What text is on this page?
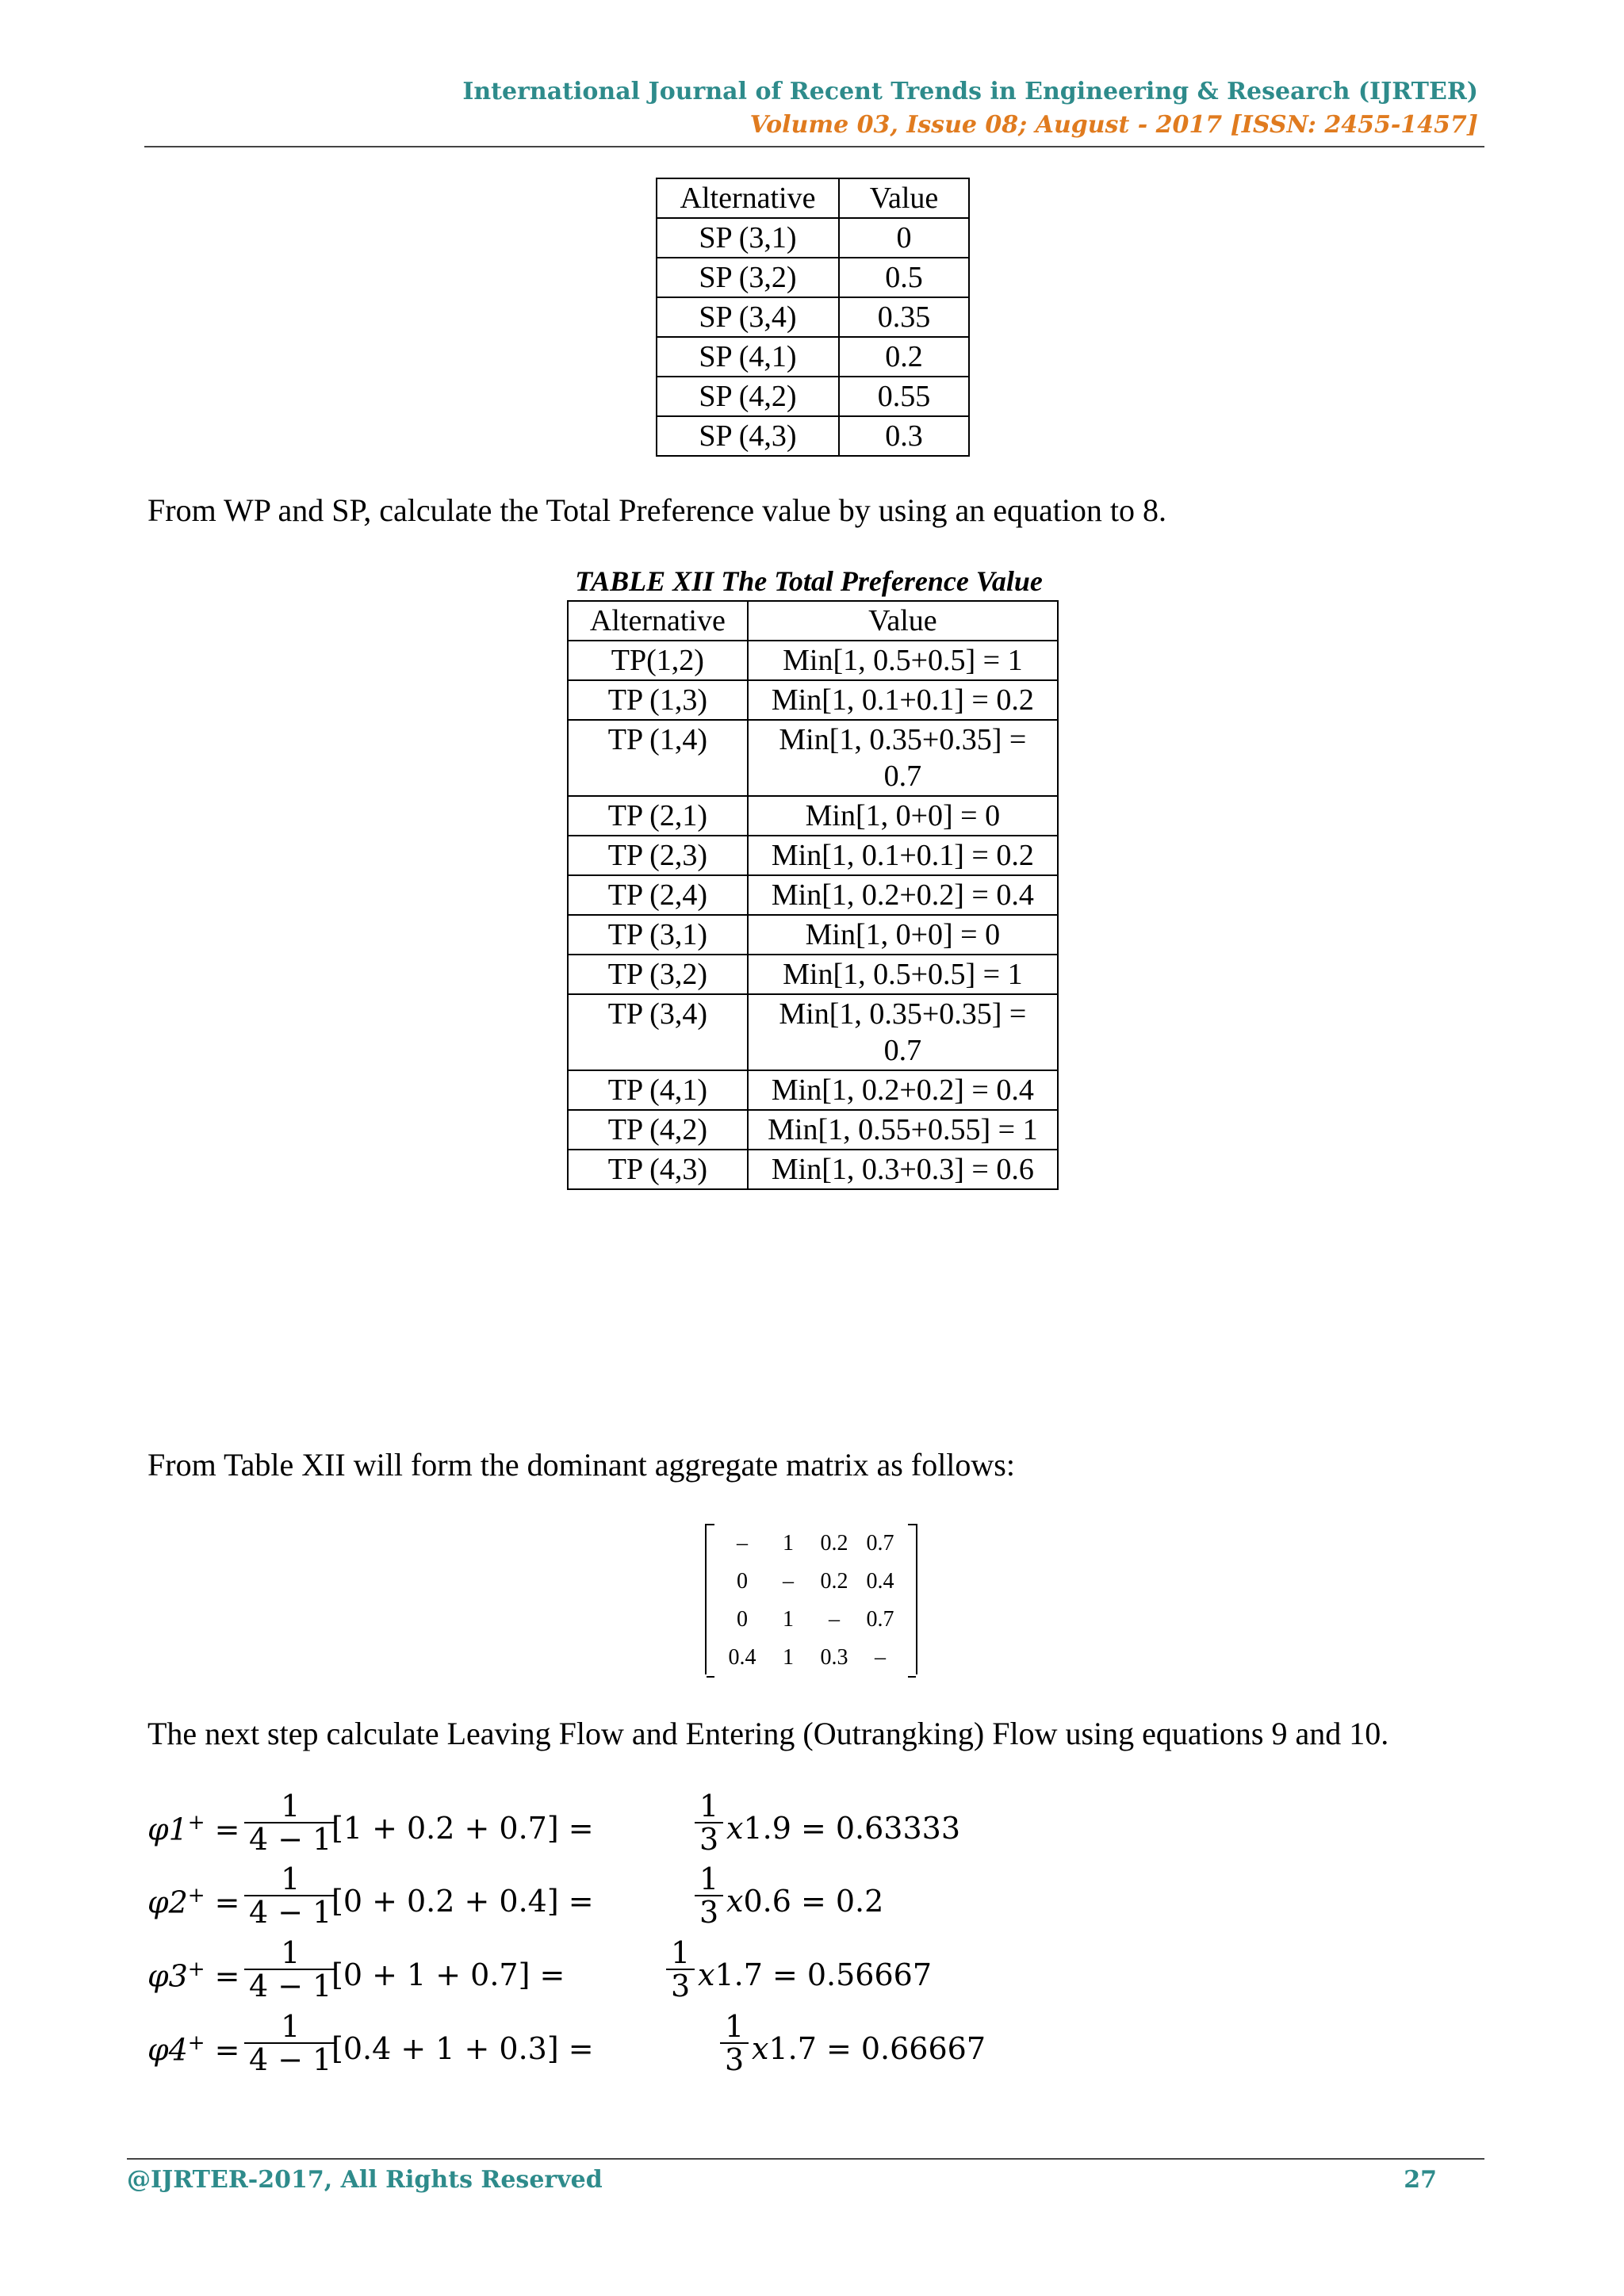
International Journal of Recent Trends in Engineering & Research (IJRTER)
Volume 03, Issue 08; August - 2017 [ISSN: 2455-1457]
Alternative	Value
SP (3,1)	0
SP (3,2)	0.5
SP (3,4)	0.35
SP (4,1)	0.2
SP (4,2)	0.55
SP (4,3)	0.3
From WP and SP, calculate the Total Preference value by using an equation to 8.
TABLE XII The Total Preference Value
Alternative	Value
TP(1,2)	Min[1, 0.5+0.5] = 1
TP (1,3)	Min[1, 0.1+0.1] = 0.2
TP (1,4)	Min[1, 0.35+0.35] = 0.7
TP (2,1)	Min[1, 0+0] = 0
TP (2,3)	Min[1, 0.1+0.1] = 0.2
TP (2,4)	Min[1, 0.2+0.2] = 0.4
TP (3,1)	Min[1, 0+0] = 0
TP (3,2)	Min[1, 0.5+0.5] = 1
TP (3,4)	Min[1, 0.35+0.35] = 0.7
TP (4,1)	Min[1, 0.2+0.2] = 0.4
TP (4,2)	Min[1, 0.55+0.55] = 1
TP (4,3)	Min[1, 0.3+0.3] = 0.6
From Table XII will form the dominant aggregate matrix as follows:
–	1	0.2 0.7
0	–	0.2 0.4
0	1	–	0.7
0.4	1	0.3	–
The next step calculate Leaving Flow and Entering (Outrangking) Flow using equations 9 and 10.
$\varphi 1^+ = \frac{1}{4 - 1}$
[1 + 0.2 + 0.7] =	$\frac{1}{3} x1.9 = 0.63333$
$\varphi 2^+ = \frac{1}{4 - 1}$
[0 + 0.2 + 0.4] =	$\frac{1}{3} x0.6 = 0.2$
$\varphi 3^+ = \frac{1}{4 - 1}$
[0 + 1 + 0.7] =	$\frac{1}{3} x1.7 = 0.56667$
$\varphi 4^+ = \frac{1}{4 - 1}$
[0.4 + 1 + 0.3] =	$\frac{1}{3} x1.7 = 0.66667$
@IJRTER-2017, All Rights Reserved	27
